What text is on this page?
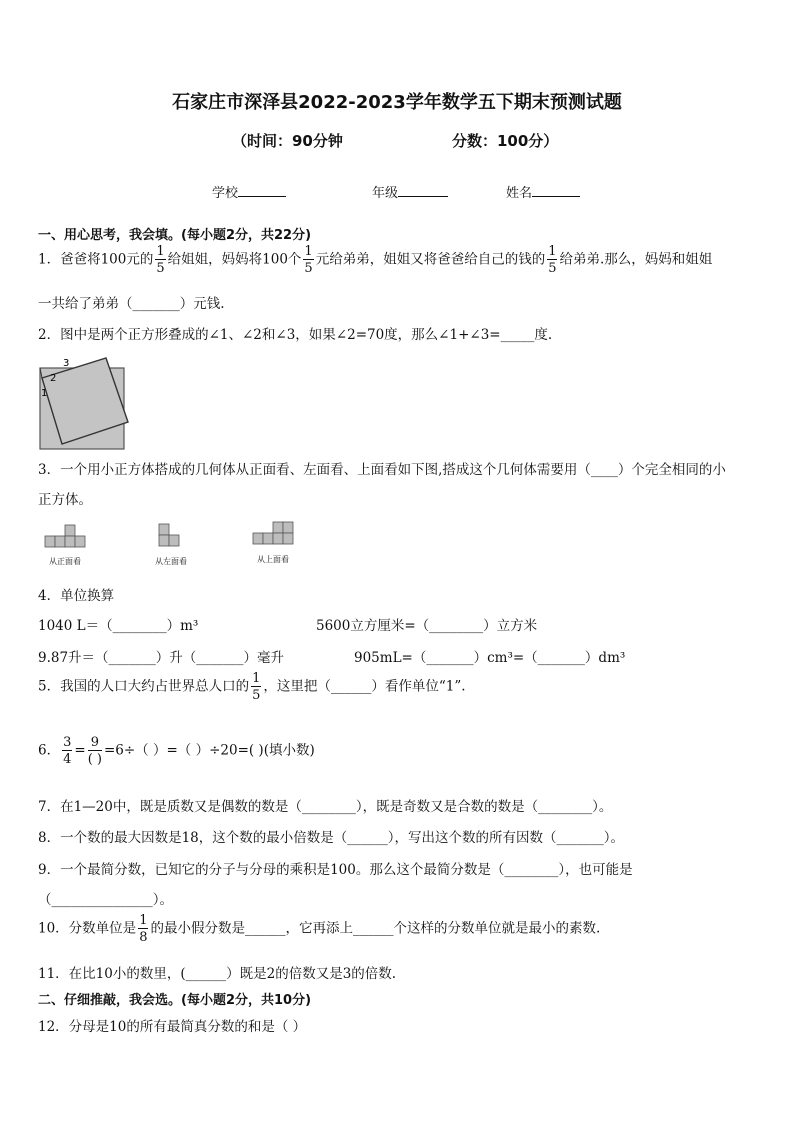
石家庄市深泽县2022-2023学年数学五下期末预测试题
（时间：90分钟	分数：100分）
学校	年级	姓名
一、用心思考，我会填。(每小题2分，共22分)
1．爸爸将100元的 $\frac{1}{5}$ 给姐姐，妈妈将100个 $\frac{1}{5}$ 元给弟弟，姐姐又将爸爸给自己的钱的 $\frac{1}{5}$ 给弟弟.那么，妈妈和姐姐
一共给了弟弟（_______）元钱.
2．图中是两个正方形叠成的∠1、∠2和∠3，如果∠2=70度，那么∠1+∠3=_____度.
3
2
1
3．一个用小正方体搭成的几何体从正面看、左面看、上面看如下图,搭成这个几何体需要用（____）个完全相同的小
正方体。
从正面看	从左面看	从上面看
4．单位换算
1040 L＝（________）m³	5600立方厘米=（________）立方米
9.87升＝（_______）升（_______）毫升	905mL=（_______）cm³=（_______）dm³
5．我国的人口大约占世界总人口的 $\frac{1}{5}$ ，这里把（______）看作单位“1”.
6． $\frac{3}{4} = \frac{9}{( )} =6\div$（ ）=（ ）÷20=( )(填小数)
7．在1—20中，既是质数又是偶数的数是（________），既是奇数又是合数的数是（________）。
8．一个数的最大因数是18，这个数的最小倍数是（______），写出这个数的所有因数（_______）。
9．一个最简分数，已知它的分子与分母的乘积是100。那么这个最简分数是（________），也可能是
（_______________）。
10．分数单位是 $\frac{1}{8}$ 的最小假分数是______，它再添上______个这样的分数单位就是最小的素数.
11．在比10小的数里，(______）既是2的倍数又是3的倍数.
二、仔细推敲，我会选。(每小题2分，共10分)
12．分母是10的所有最简真分数的和是（ ）
